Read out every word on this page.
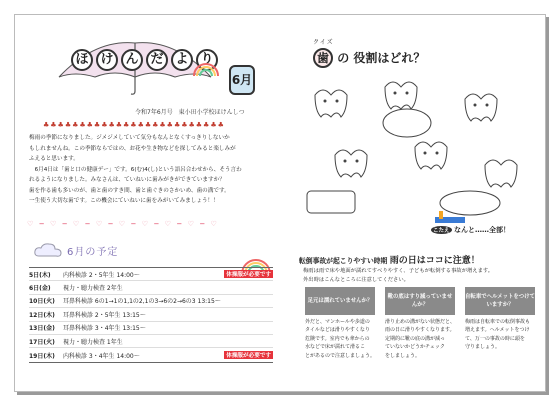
ほ け ん だ よ り
6月
令和7年6月号　東小田小学校ほけんしつ
♣♣♣♣♣♣♣♣♣♣♣♣♣♣♣♣♣♣♣♣♣♣♣♣♣

梅雨の季節になりました。ジメジメしていて気分もなんとなくすっきりしないか

もしれませんね。この季節ならではの、お花や生き物などを探してみると楽しみが

ふえると思います。

　6月4日は「歯と口の健康デー」です。6(む)4(し)という語呂合わせから、そう言わ

れるようになりました。みなさんは、ていねいに歯みがきができていますか？

歯を作る歯も多いのが、歯と歯のすき間、歯と歯ぐきのさかいめ、歯の溝です。

一生使う大切な歯です。この機会にていねいに歯をみがいてみましょう！！

♡ ━ ♡ ━ ♡ ━ ♡ ━ ♡ ━ ♡ ━ ♡ ━ ♡ ━ ♡
6月の予定
5日(木)	内科検診 2・5年生 14:00～	体操服が必要です
6日(金)	視力・聴力検査 2年生
10日(火)	耳鼻科検診 6の1→1の1,1の2,1の3→6の2→6の3 13:15～
12日(木)	耳鼻科検診 2・5年生 13:15～
13日(金)	耳鼻科検診 3・4年生 13:15～
17日(火)	視力・聴力検査 1年生
19日(木)	内科検診 3・4年生 14:00～	体操服が必要です
クイズ
歯 の 役割はどれ？
こたえ なんと……全部！
転倒事故が起こりやすい時期 雨の日はココに注意！

梅雨は雨で床や地面が濡れてすべりやすく、子どもが転倒する事故が増えます。

外出時はこんなところに注意してください。

足元は濡れていませんか？

外だと、マンホールや歩道の

タイルなどは滑りやすくなり

危険です。室内でも傘からの

水などで床が濡れて滑るこ

とがあるので注意しましょう。

靴の底はすり減っていませんか？

滑り止めの溝がない状態だと、

雨の日に滑りやすくなります。

定期的に靴の底の溝が減っ

ていないかどうかチェック

をしましょう。

自転車でヘルメットをつけていますか？

梅雨は自転車での転倒事故も

増えます。ヘルメットをつけ

て、万一の事故の時に頭を

守りましょう。
